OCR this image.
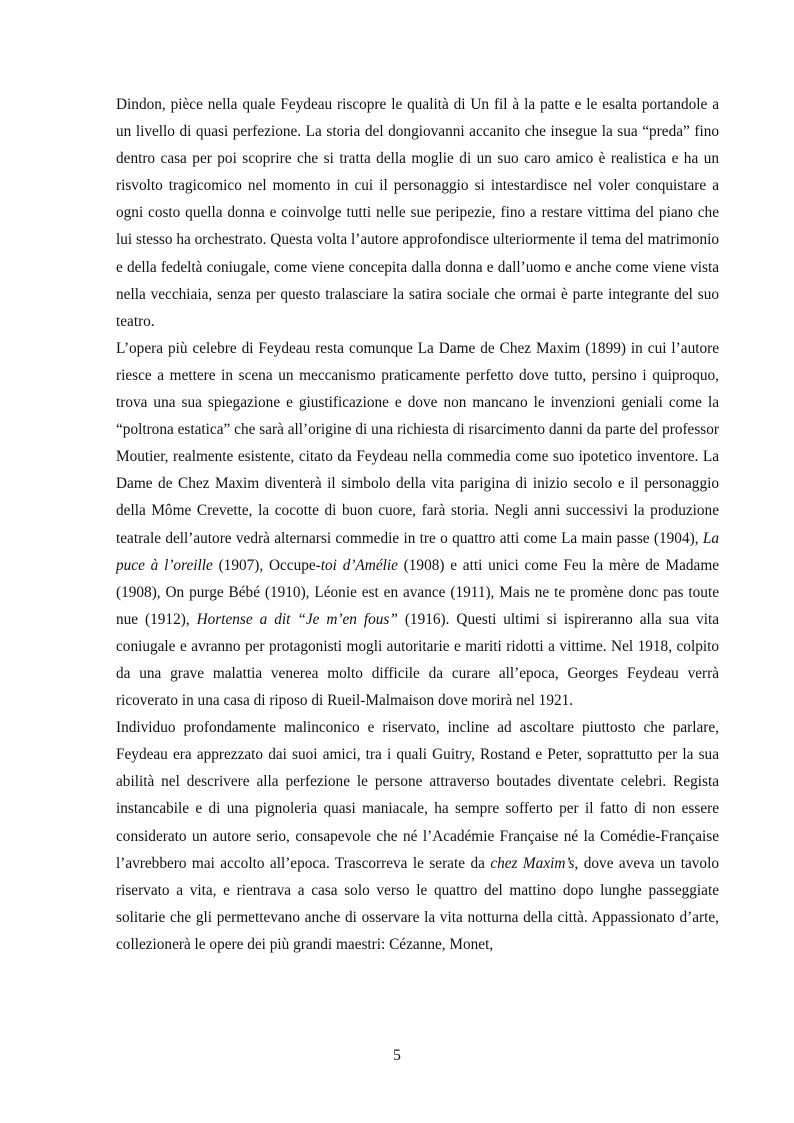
Dindon, pièce nella quale Feydeau riscopre le qualità di Un fil à la patte e le esalta portandole a un livello di quasi perfezione. La storia del dongiovanni accanito che insegue la sua “preda” fino dentro casa per poi scoprire che si tratta della moglie di un suo caro amico è realistica e ha un risvolto tragicomico nel momento in cui il personaggio si intestardisce nel voler conquistare a ogni costo quella donna e coinvolge tutti nelle sue peripezie, fino a restare vittima del piano che lui stesso ha orchestrato. Questa volta l’autore approfondisce ulteriormente il tema del matrimonio e della fedeltà coniugale, come viene concepita dalla donna e dall’uomo e anche come viene vista nella vecchiaia, senza per questo tralasciare la satira sociale che ormai è parte integrante del suo teatro.

L’opera più celebre di Feydeau resta comunque La Dame de Chez Maxim (1899) in cui l’autore riesce a mettere in scena un meccanismo praticamente perfetto dove tutto, persino i quiproquo, trova una sua spiegazione e giustificazione e dove non mancano le invenzioni geniali come la “poltrona estatica” che sarà all’origine di una richiesta di risarcimento danni da parte del professor Moutier, realmente esistente, citato da Feydeau nella commedia come suo ipotetico inventore. La Dame de Chez Maxim diventerà il simbolo della vita parigina di inizio secolo e il personaggio della Môme Crevette, la cocotte di buon cuore, farà storia. Negli anni successivi la produzione teatrale dell’autore vedrà alternarsi commedie in tre o quattro atti come La main passe (1904), La puce à l’oreille (1907), Occupe-toi d’Amélie (1908) e atti unici come Feu la mère de Madame (1908), On purge Bébé (1910), Léonie est en avance (1911), Mais ne te promène donc pas toute nue (1912), Hortense a dit “Je m’en fous” (1916). Questi ultimi si ispireranno alla sua vita coniugale e avranno per protagonisti mogli autoritarie e mariti ridotti a vittime. Nel 1918, colpito da una grave malattia venerea molto difficile da curare all’epoca, Georges Feydeau verrà ricoverato in una casa di riposo di Rueil-Malmaison dove morirà nel 1921.

Individuo profondamente malinconico e riservato, incline ad ascoltare piuttosto che parlare, Feydeau era apprezzato dai suoi amici, tra i quali Guitry, Rostand e Peter, soprattutto per la sua abilità nel descrivere alla perfezione le persone attraverso boutades diventate celebri. Regista instancabile e di una pignoleria quasi maniacale, ha sempre sofferto per il fatto di non essere considerato un autore serio, consapevole che né l’Académie Française né la Comédie-Française l’avrebbero mai accolto all’epoca. Trascorreva le serate da chez Maxim’s, dove aveva un tavolo riservato a vita, e rientrava a casa solo verso le quattro del mattino dopo lunghe passeggiate solitarie che gli permettevano anche di osservare la vita notturna della città. Appassionato d’arte, collezionerà le opere dei più grandi maestri: Cézanne, Monet,

5
